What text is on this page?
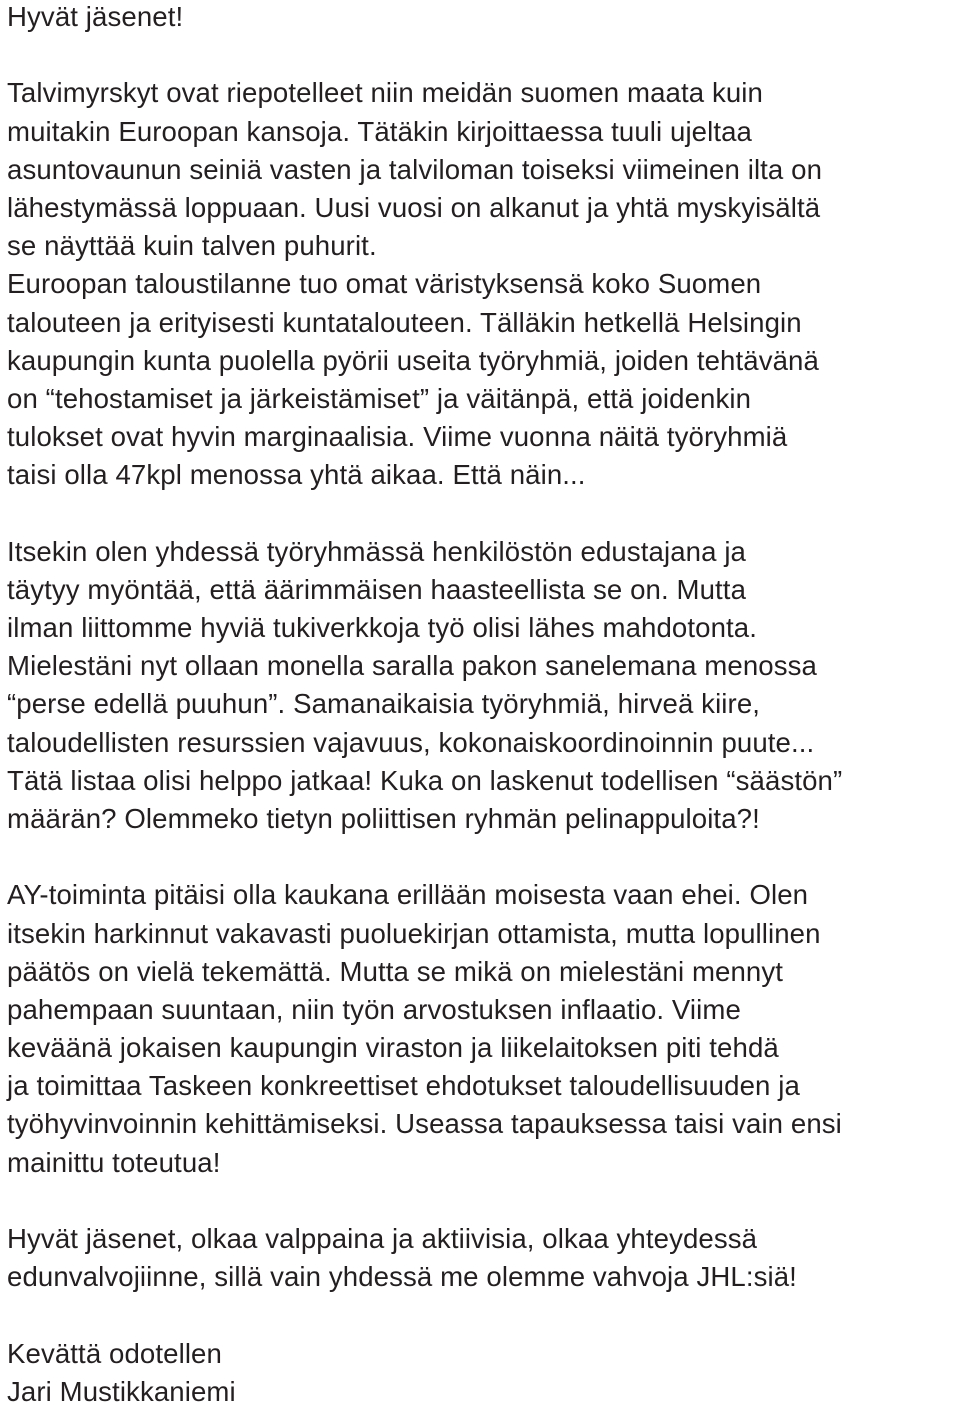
Hyvät jäsenet!
Talvimyrskyt ovat riepotelleet niin meidän suomen maata kuin
muitakin Euroopan kansoja. Tätäkin kirjoittaessa tuuli ujeltaa
asuntovaunun seiniä vasten ja talviloman toiseksi viimeinen ilta on
lähestymässä loppuaan. Uusi vuosi on alkanut ja yhtä myskyisältä
se näyttää kuin talven puhurit.
Euroopan taloustilanne tuo omat väristyksensä koko Suomen
talouteen ja erityisesti kuntatalouteen. Tälläkin hetkellä Helsingin
kaupungin kunta puolella pyörii useita työryhmiä, joiden tehtävänä
on “tehostamiset ja järkeistämiset” ja väitänpä, että joidenkin
tulokset ovat hyvin marginaalisia. Viime vuonna näitä työryhmiä
taisi olla 47kpl menossa yhtä aikaa. Että näin...
Itsekin olen yhdessä työryhmässä henkilöstön edustajana ja
täytyy myöntää, että äärimmäisen haasteellista se on. Mutta
ilman liittomme hyviä tukiverkkoja työ olisi lähes mahdotonta.
Mielestäni nyt ollaan monella saralla pakon sanelemana menossa
“perse edellä puuhun”. Samanaikaisia työryhmiä, hirveä kiire,
taloudellisten resurssien vajavuus, kokonaiskoordinoinnin puute...
Tätä listaa olisi helppo jatkaa! Kuka on laskenut todellisen “säästön”
määrän? Olemmeko tietyn poliittisen ryhmän pelinappuloita?!
AY-toiminta pitäisi olla kaukana erillään moisesta vaan ehei. Olen
itsekin harkinnut vakavasti puoluekirjan ottamista, mutta lopullinen
päätös on vielä tekemättä. Mutta se mikä on mielestäni mennyt
pahempaan suuntaan, niin työn arvostuksen inflaatio. Viime
keväänä jokaisen kaupungin viraston ja liikelaitoksen piti tehdä
ja toimittaa Taskeen konkreettiset ehdotukset taloudellisuuden ja
työhyvinvoinnin kehittämiseksi. Useassa tapauksessa taisi vain ensi
mainittu toteutua!
Hyvät jäsenet, olkaa valppaina ja aktiivisia, olkaa yhteydessä
edunvalvojiinne, sillä vain yhdessä me olemme vahvoja JHL:siä!
Kevättä odotellen
Jari Mustikkaniemi
